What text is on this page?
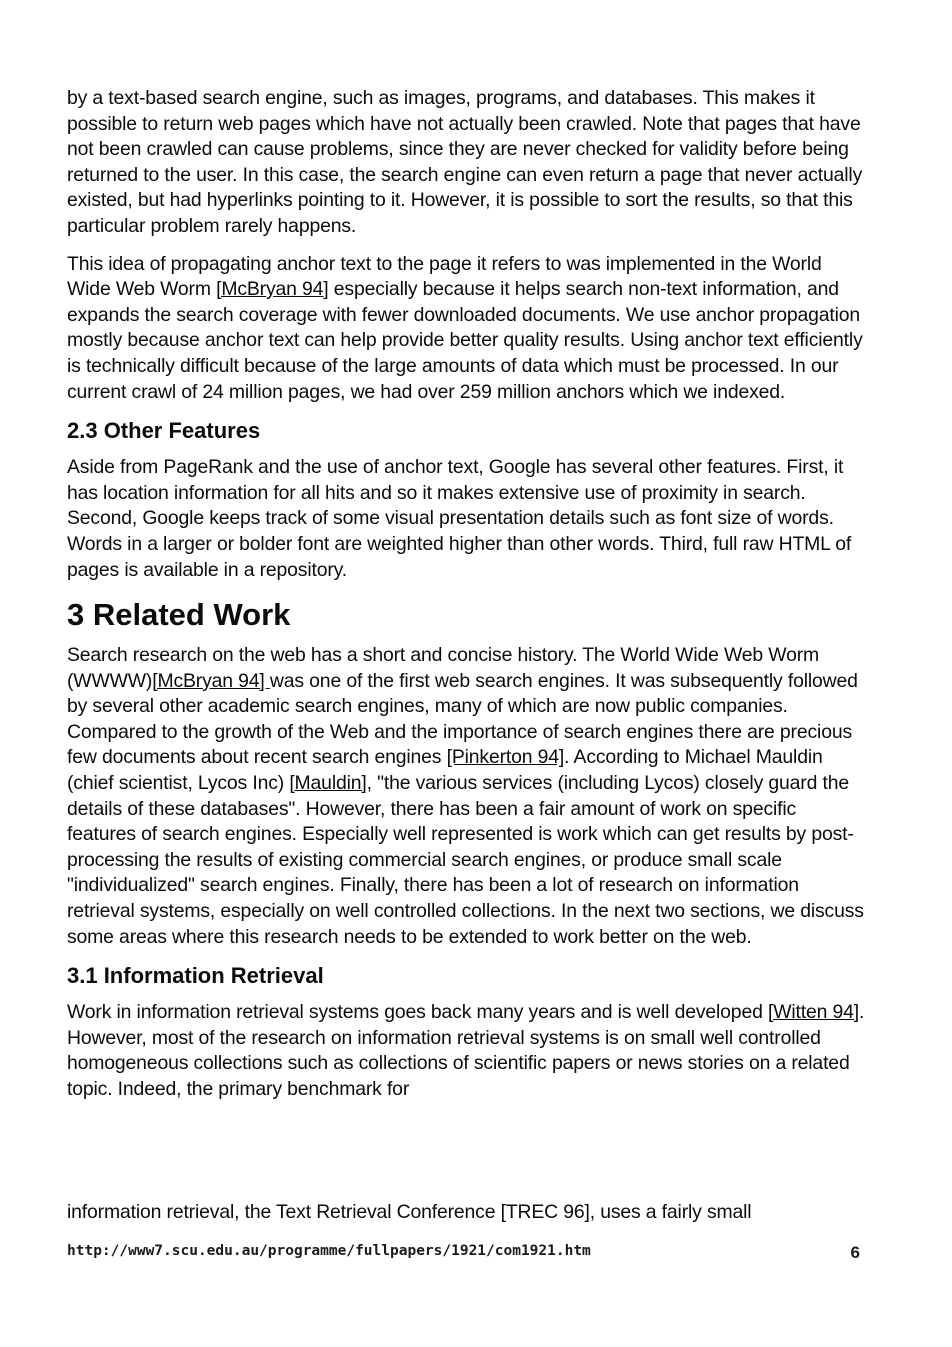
by a text-based search engine, such as images, programs, and databases. This makes it possible to return web pages which have not actually been crawled. Note that pages that have not been crawled can cause problems, since they are never checked for validity before being returned to the user. In this case, the search engine can even return a page that never actually existed, but had hyperlinks pointing to it. However, it is possible to sort the results, so that this particular problem rarely happens.

This idea of propagating anchor text to the page it refers to was implemented in the World Wide Web Worm [McBryan 94] especially because it helps search non-text information, and expands the search coverage with fewer downloaded documents. We use anchor propagation mostly because anchor text can help provide better quality results. Using anchor text efficiently is technically difficult because of the large amounts of data which must be processed. In our current crawl of 24 million pages, we had over 259 million anchors which we indexed.

2.3 Other Features

Aside from PageRank and the use of anchor text, Google has several other features. First, it has location information for all hits and so it makes extensive use of proximity in search. Second, Google keeps track of some visual presentation details such as font size of words. Words in a larger or bolder font are weighted higher than other words. Third, full raw HTML of pages is available in a repository.

3 Related Work

Search research on the web has a short and concise history. The World Wide Web Worm (WWWW)[McBryan 94] was one of the first web search engines. It was subsequently followed by several other academic search engines, many of which are now public companies. Compared to the growth of the Web and the importance of search engines there are precious few documents about recent search engines [Pinkerton 94]. According to Michael Mauldin (chief scientist, Lycos Inc) [Mauldin], "the various services (including Lycos) closely guard the details of these databases". However, there has been a fair amount of work on specific features of search engines. Especially well represented is work which can get results by post-processing the results of existing commercial search engines, or produce small scale "individualized" search engines. Finally, there has been a lot of research on information retrieval systems, especially on well controlled collections. In the next two sections, we discuss some areas where this research needs to be extended to work better on the web.

3.1 Information Retrieval

Work in information retrieval systems goes back many years and is well developed [Witten 94]. However, most of the research on information retrieval systems is on small well controlled homogeneous collections such as collections of scientific papers or news stories on a related topic. Indeed, the primary benchmark for

information retrieval, the Text Retrieval Conference [TREC 96], uses a fairly small

http://www7.scu.edu.au/programme/fullpapers/1921/com1921.htm	6
